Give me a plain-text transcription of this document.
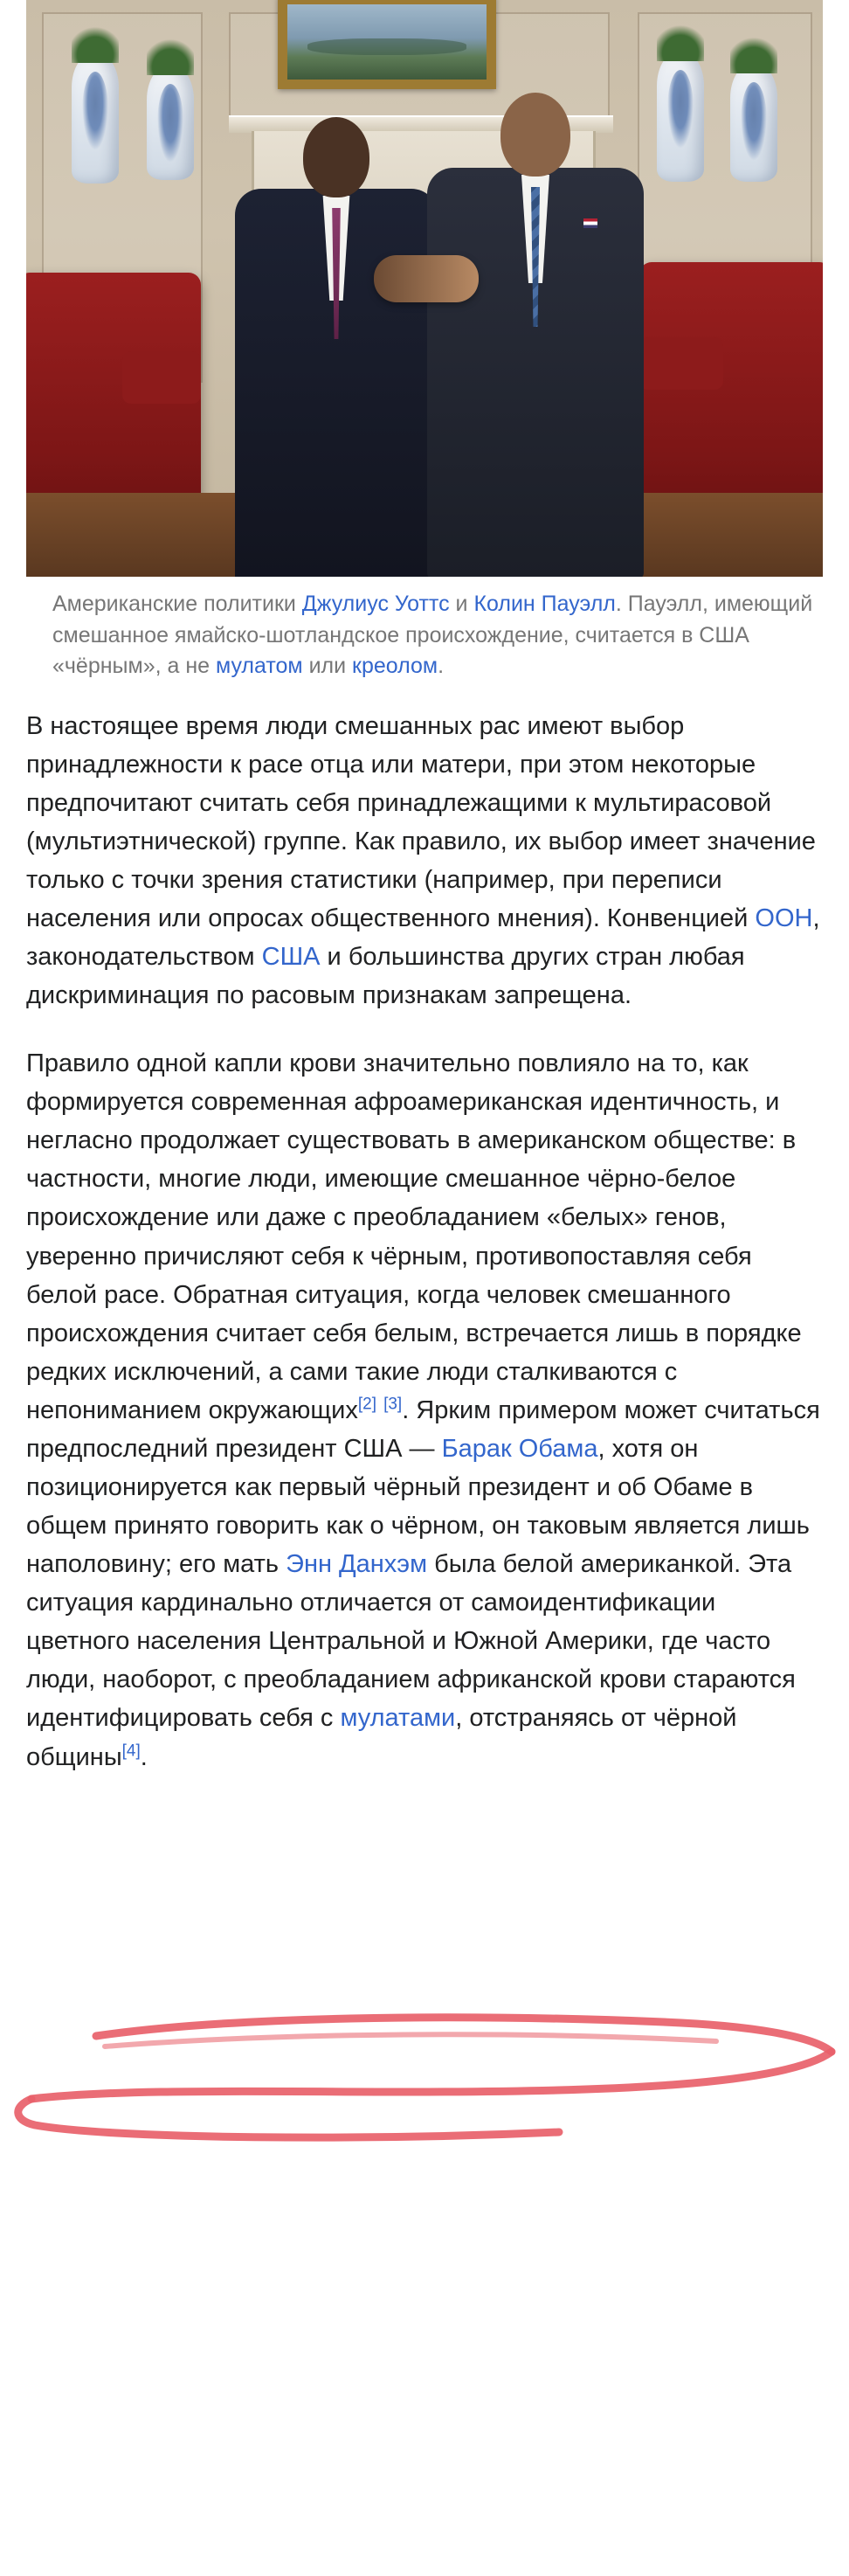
Американские политики Джулиус Уоттс и Колин Пауэлл. Пауэлл, имеющий смешанное ямайско-шотландское происхождение, считается в США «чёрным», а не мулатом или креолом.

В настоящее время люди смешанных рас имеют выбор принадлежности к расе отца или матери, при этом некоторые предпочитают считать себя принадлежащими к мультирасовой (мультиэтнической) группе. Как правило, их выбор имеет значение только с точки зрения статистики (например, при переписи населения или опросах общественного мнения). Конвенцией ООН, законодательством США и большинства других стран любая дискриминация по расовым признакам запрещена.

Правило одной капли крови значительно повлияло на то, как формируется современная афроамериканская идентичность, и негласно продолжает существовать в американском обществе: в частности, многие люди, имеющие смешанное чёрно-белое происхождение или даже с преобладанием «белых» генов, уверенно причисляют себя к чёрным, противопоставляя себя белой расе. Обратная ситуация, когда человек смешанного происхождения считает себя белым, встречается лишь в порядке редких исключений, а сами такие люди сталкиваются с непониманием окружающих[2] [3]. Ярким примером может считаться предпоследний президент США — Барак Обама, хотя он позиционируется как первый чёрный президент и об Обаме в общем принято говорить как о чёрном, он таковым является лишь наполовину; его мать Энн Данхэм была белой американкой. Эта ситуация кардинально отличается от самоидентификации цветного населения Центральной и Южной Америки, где часто люди, наоборот, с преобладанием африканской крови стараются идентифицировать себя с мулатами, отстраняясь от чёрной общины[4].
